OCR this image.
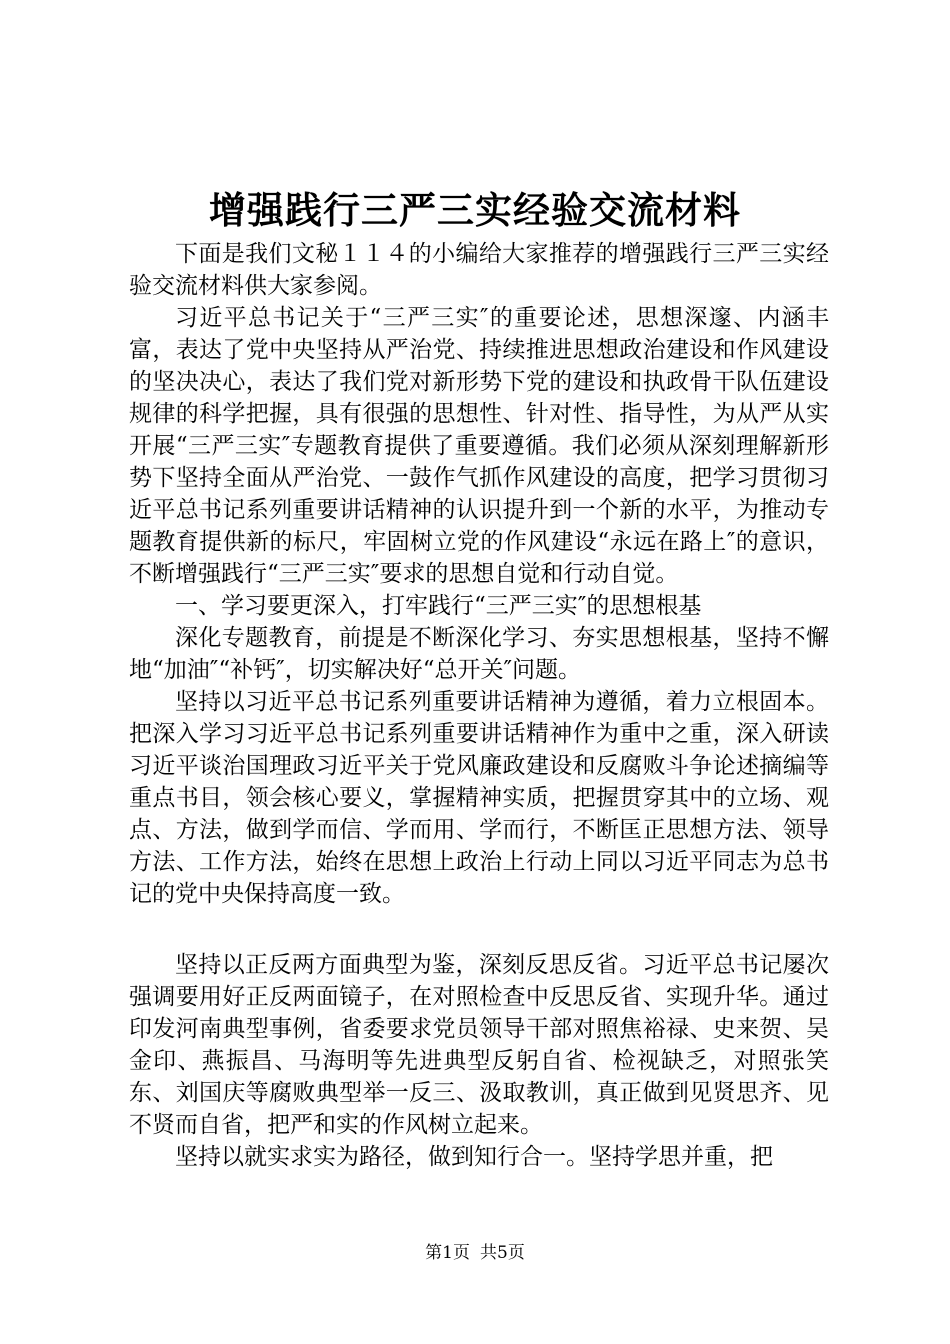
增强践行三严三实经验交流材料

下面是我们文秘１１４的小编给大家推荐的增强践行三严三实经验交流材料供大家参阅。

习近平总书记关于“三严三实″的重要论述，思想深邃、内涵丰富，表达了党中央坚持从严治党、持续推进思想政治建设和作风建设的坚决决心，表达了我们党对新形势下党的建设和执政骨干队伍建设规律的科学把握，具有很强的思想性、针对性、指导性，为从严从实开展“三严三实″专题教育提供了重要遵循。我们必须从深刻理解新形势下坚持全面从严治党、一鼓作气抓作风建设的高度，把学习贯彻习近平总书记系列重要讲话精神的认识提升到一个新的水平，为推动专题教育提供新的标尺，牢固树立党的作风建设“永远在路上″的意识，不断增强践行“三严三实″要求的思想自觉和行动自觉。

一、学习要更深入，打牢践行“三严三实″的思想根基

深化专题教育，前提是不断深化学习、夯实思想根基，坚持不懈地“加油″“补钙″，切实解决好“总开关″问题。

坚持以习近平总书记系列重要讲话精神为遵循，着力立根固本。把深入学习习近平总书记系列重要讲话精神作为重中之重，深入研读习近平谈治国理政习近平关于党风廉政建设和反腐败斗争论述摘编等重点书目，领会核心要义，掌握精神实质，把握贯穿其中的立场、观点、方法，做到学而信、学而用、学而行，不断匡正思想方法、领导方法、工作方法，始终在思想上政治上行动上同以习近平同志为总书记的党中央保持高度一致。

坚持以正反两方面典型为鉴，深刻反思反省。习近平总书记屡次强调要用好正反两面镜子，在对照检查中反思反省、实现升华。通过印发河南典型事例，省委要求党员领导干部对照焦裕禄、史来贺、吴金印、燕振昌、马海明等先进典型反躬自省、检视缺乏，对照张笑东、刘国庆等腐败典型举一反三、汲取教训，真正做到见贤思齐、见不贤而自省，把严和实的作风树立起来。

坚持以就实求实为路径，做到知行合一。坚持学思并重，把

第1页 共5页
